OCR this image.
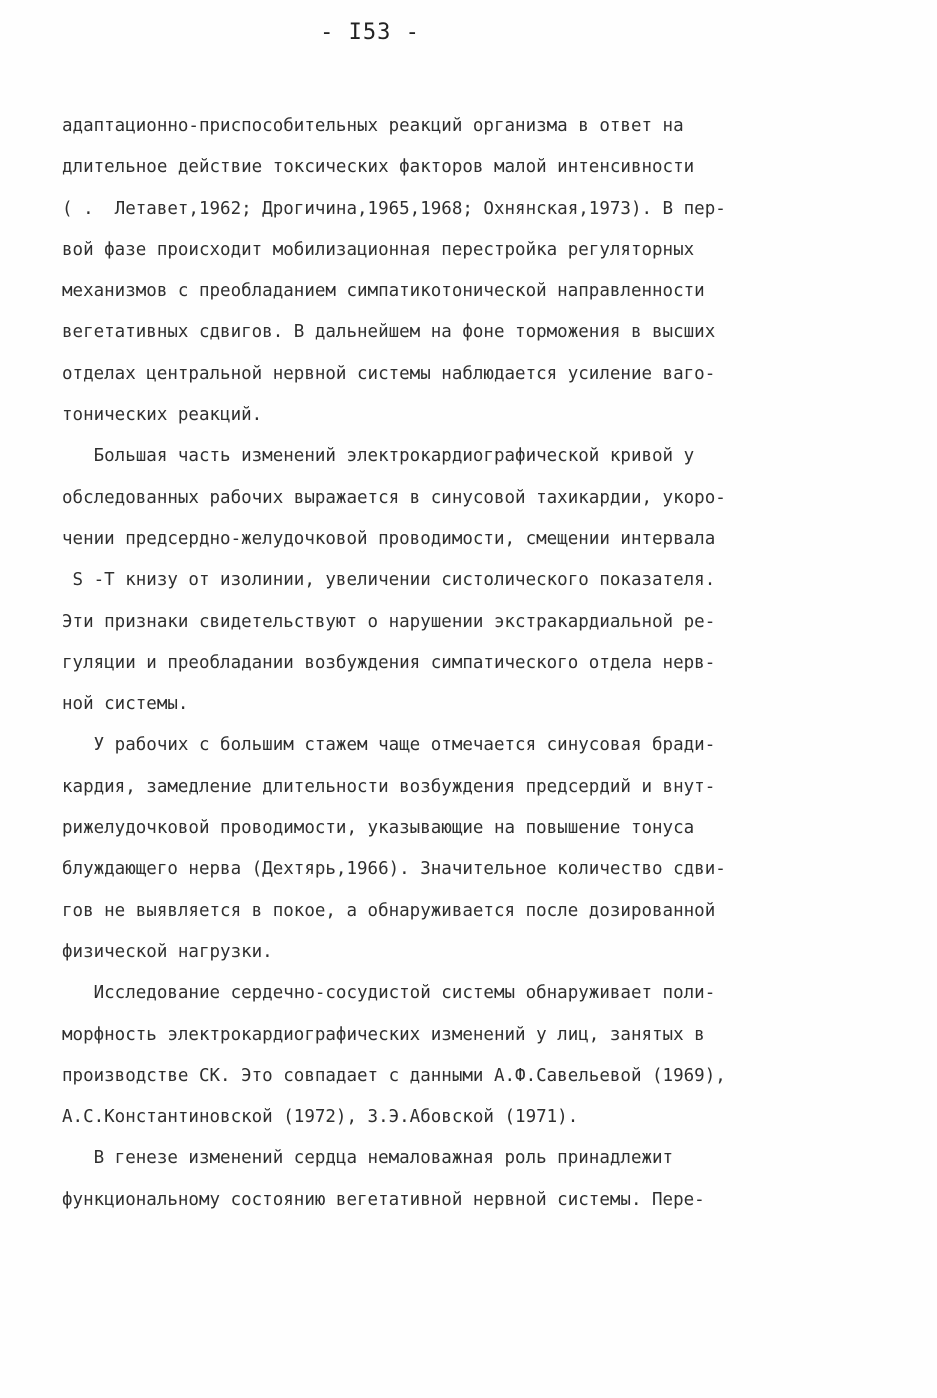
- I53 -
адаптационно-приспособительных реакций организма в ответ на
длительное действие токсических факторов малой интенсивности
( .  Летавет,1962; Дрогичина,1965,1968; Охнянская,1973). В пер-
вой фазе происходит мобилизационная перестройка регуляторных
механизмов с преобладанием симпатикотонической направленности
вегетативных сдвигов. В дальнейшем на фоне торможения в высших
отделах центральной нервной системы наблюдается усиление ваго-
тонических реакций.
Большая часть изменений электрокардиографической кривой у
обследованных рабочих выражается в синусовой тахикардии, укоро-
чении предсердно-желудочковой проводимости, смещении интервала
S -Т книзу от изолинии, увеличении систолического показателя.
Эти признаки свидетельствуют о нарушении экстракардиальной ре-
гуляции и преобладании возбуждения симпатического отдела нерв-
ной системы.
У рабочих с большим стажем чаще отмечается синусовая бради-
кардия, замедление длительности возбуждения предсердий и внут-
рижелудочковой проводимости, указывающие на повышение тонуса
блуждающего нерва (Дехтярь,1966). Значительное количество сдви-
гов не выявляется в покое, а обнаруживается после дозированной
физической нагрузки.
Исследование сердечно-сосудистой системы обнаруживает поли-
морфность электрокардиографических изменений у лиц, занятых в
производстве СК. Это совпадает с данными А.Ф.Савельевой (1969),
А.С.Константиновской (1972), З.Э.Абовской (1971).
В генезе изменений сердца немаловажная роль принадлежит
функциональному состоянию вегетативной нервной системы. Пере-
